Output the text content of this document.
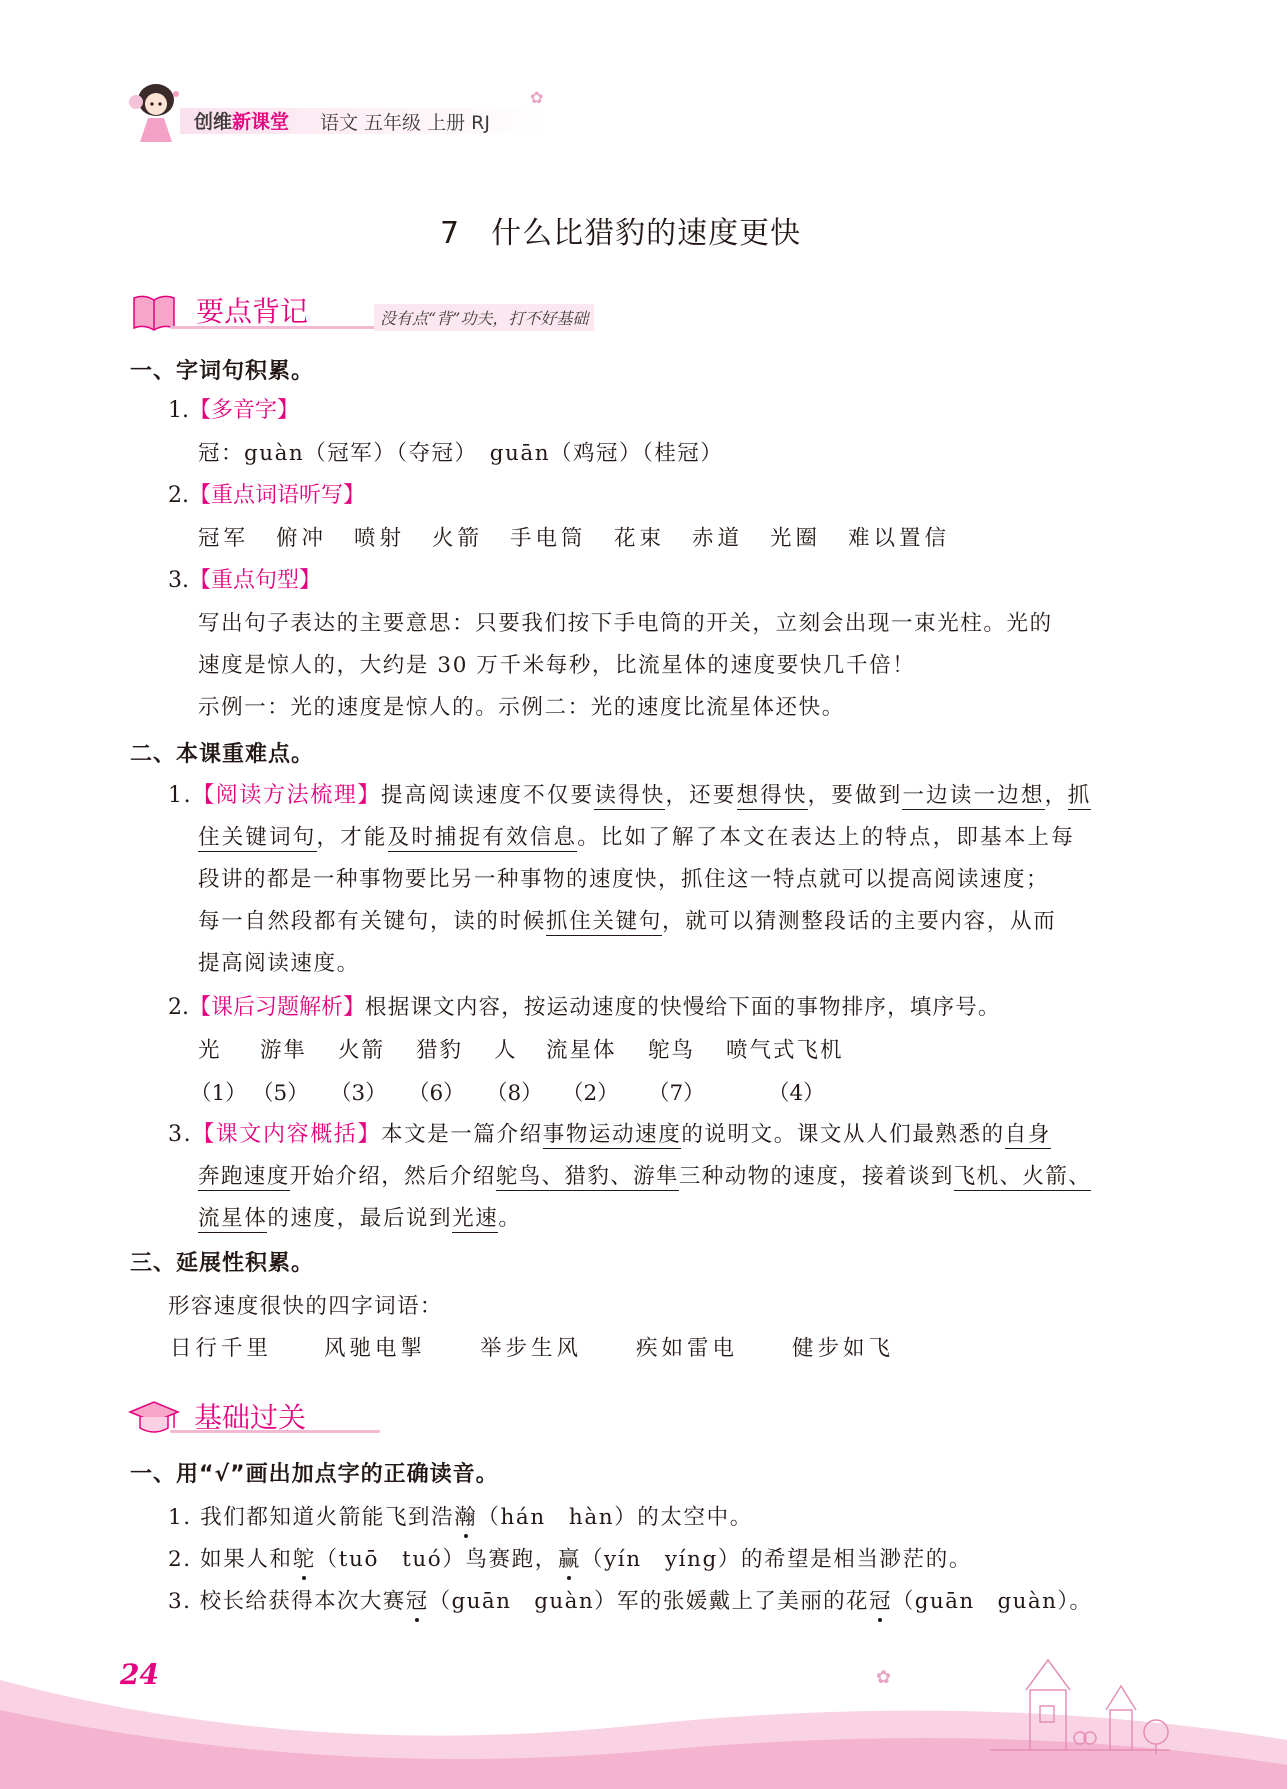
创维新课堂 语文 五年级 上册 RJ
✿
7　什么比猎豹的速度更快
要点背记	没有点“背”功夫，打不好基础
一、字词句积累。
1.【多音字】
冠：guàn（冠军）（夺冠）　guān（鸡冠）（桂冠）
2.【重点词语听写】
冠军 俯冲 喷射 火箭 手电筒 花束 赤道 光圈 难以置信
3.【重点句型】
写出句子表达的主要意思：只要我们按下手电筒的开关，立刻会出现一束光柱。光的
速度是惊人的，大约是 30 万千米每秒，比流星体的速度要快几千倍！
示例一：光的速度是惊人的。示例二：光的速度比流星体还快。
二、本课重难点。
1.【阅读方法梳理】提高阅读速度不仅要读得快，还要想得快，要做到一边读一边想，抓
住关键词句，才能及时捕捉有效信息。比如了解了本文在表达上的特点，即基本上每
段讲的都是一种事物要比另一种事物的速度快，抓住这一特点就可以提高阅读速度；
每一自然段都有关键句，读的时候抓住关键句，就可以猜测整段话的主要内容，从而
提高阅读速度。
2.【课后习题解析】根据课文内容，按运动速度的快慢给下面的事物排序，填序号。
光 游隼 火箭 猎豹 人 流星体 鸵鸟 喷气式飞机
（1） （5） （3） （6） （8） （2） （7）	（4）
3.【课文内容概括】本文是一篇介绍事物运动速度的说明文。课文从人们最熟悉的自身
奔跑速度开始介绍，然后介绍鸵鸟、猎豹、游隼三种动物的速度，接着谈到飞机、火箭、
流星体的速度，最后说到光速。
三、延展性积累。
形容速度很快的四字词语：
日行千里 风驰电掣	举步生风	疾如雷电	健步如飞
基础过关
一、用“√”画出加点字的正确读音。
1. 我们都知道火箭能飞到浩瀚（hán　hàn）的太空中。
2. 如果人和鸵（tuō　tuó）鸟赛跑，赢（yín　yíng）的希望是相当渺茫的。
3. 校长给获得本次大赛冠（guān　guàn）军的张媛戴上了美丽的花冠（guān　guàn）。
✿
24
